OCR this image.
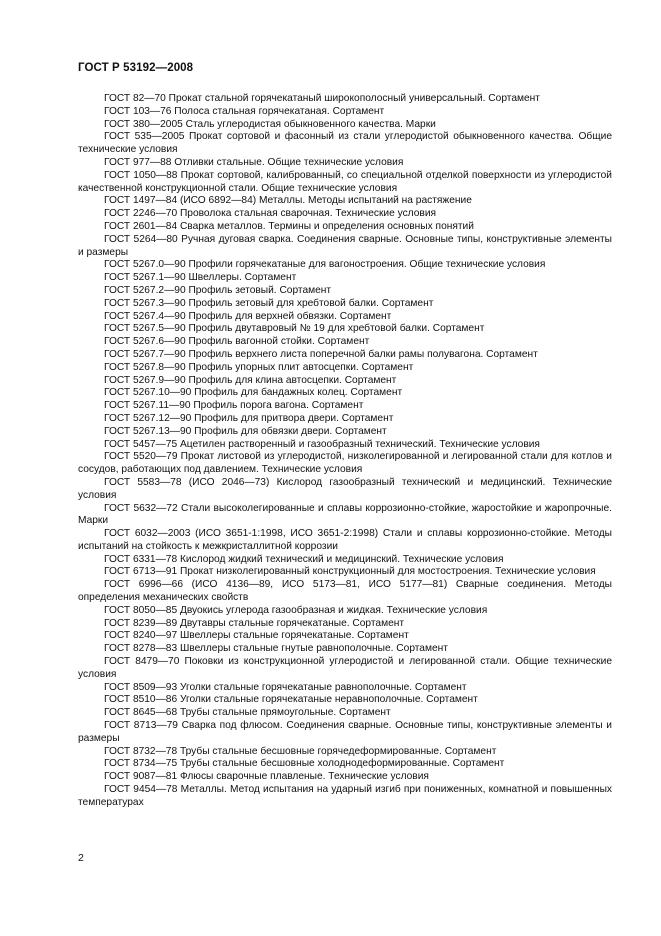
ГОСТ Р 53192—2008

ГОСТ 82—70 Прокат стальной горячекатаный широкополосный универсальный. Сортамент

ГОСТ 103—76 Полоса стальная горячекатаная. Сортамент

ГОСТ 380—2005 Сталь углеродистая обыкновенного качества. Марки

ГОСТ 535—2005 Прокат сортовой и фасонный из стали углеродистой обыкновенного качества. Общие технические условия

ГОСТ 977—88 Отливки стальные. Общие технические условия

ГОСТ 1050—88 Прокат сортовой, калиброванный, со специальной отделкой поверхности из углеродистой качественной конструкционной стали. Общие технические условия

ГОСТ 1497—84 (ИСО 6892—84) Металлы. Методы испытаний на растяжение

ГОСТ 2246—70 Проволока стальная сварочная. Технические условия

ГОСТ 2601—84 Сварка металлов. Термины и определения основных понятий

ГОСТ 5264—80 Ручная дуговая сварка. Соединения сварные. Основные типы, конструктивные элементы и размеры

ГОСТ 5267.0—90 Профили горячекатаные для вагоностроения. Общие технические условия

ГОСТ 5267.1—90 Швеллеры. Сортамент

ГОСТ 5267.2—90 Профиль зетовый. Сортамент

ГОСТ 5267.3—90 Профиль зетовый для хребтовой балки. Сортамент

ГОСТ 5267.4—90 Профиль для верхней обвязки. Сортамент

ГОСТ 5267.5—90 Профиль двутавровый № 19 для хребтовой балки. Сортамент

ГОСТ 5267.6—90 Профиль вагонной стойки. Сортамент

ГОСТ 5267.7—90 Профиль верхнего листа поперечной балки рамы полувагона. Сортамент

ГОСТ 5267.8—90 Профиль упорных плит автосцепки. Сортамент

ГОСТ 5267.9—90 Профиль для клина автосцепки. Сортамент

ГОСТ 5267.10—90 Профиль для бандажных колец. Сортамент

ГОСТ 5267.11—90 Профиль порога вагона. Сортамент

ГОСТ 5267.12—90 Профиль для притвора двери. Сортамент

ГОСТ 5267.13—90 Профиль для обвязки двери. Сортамент

ГОСТ 5457—75 Ацетилен растворенный и газообразный технический. Технические условия

ГОСТ 5520—79 Прокат листовой из углеродистой, низколегированной и легированной стали для котлов и сосудов, работающих под давлением. Технические условия

ГОСТ 5583—78 (ИСО 2046—73) Кислород газообразный технический и медицинский. Технические условия

ГОСТ 5632—72 Стали высоколегированные и сплавы коррозионно-стойкие, жаростойкие и жаропрочные. Марки

ГОСТ 6032—2003 (ИСО 3651-1:1998, ИСО 3651-2:1998) Стали и сплавы коррозионно-стойкие. Методы испытаний на стойкость к межкристаллитной коррозии

ГОСТ 6331—78 Кислород жидкий технический и медицинский. Технические условия

ГОСТ 6713—91 Прокат низколегированный конструкционный для мостостроения. Технические условия

ГОСТ 6996—66 (ИСО 4136—89, ИСО 5173—81, ИСО 5177—81) Сварные соединения. Методы определения механических свойств

ГОСТ 8050—85 Двуокись углерода газообразная и жидкая. Технические условия

ГОСТ 8239—89 Двутавры стальные горячекатаные. Сортамент

ГОСТ 8240—97 Швеллеры стальные горячекатаные. Сортамент

ГОСТ 8278—83 Швеллеры стальные гнутые равнополочные. Сортамент

ГОСТ 8479—70 Поковки из конструкционной углеродистой и легированной стали. Общие технические условия

ГОСТ 8509—93 Уголки стальные горячекатаные равнополочные. Сортамент

ГОСТ 8510—86 Уголки стальные горячекатаные неравнополочные. Сортамент

ГОСТ 8645—68 Трубы стальные прямоугольные. Сортамент

ГОСТ 8713—79 Сварка под флюсом. Соединения сварные. Основные типы, конструктивные элементы и размеры

ГОСТ 8732—78 Трубы стальные бесшовные горячедеформированные. Сортамент

ГОСТ 8734—75 Трубы стальные бесшовные холоднодеформированные. Сортамент

ГОСТ 9087—81 Флюсы сварочные плавленые. Технические условия

ГОСТ 9454—78 Металлы. Метод испытания на ударный изгиб при пониженных, комнатной и повышенных температурах

2
